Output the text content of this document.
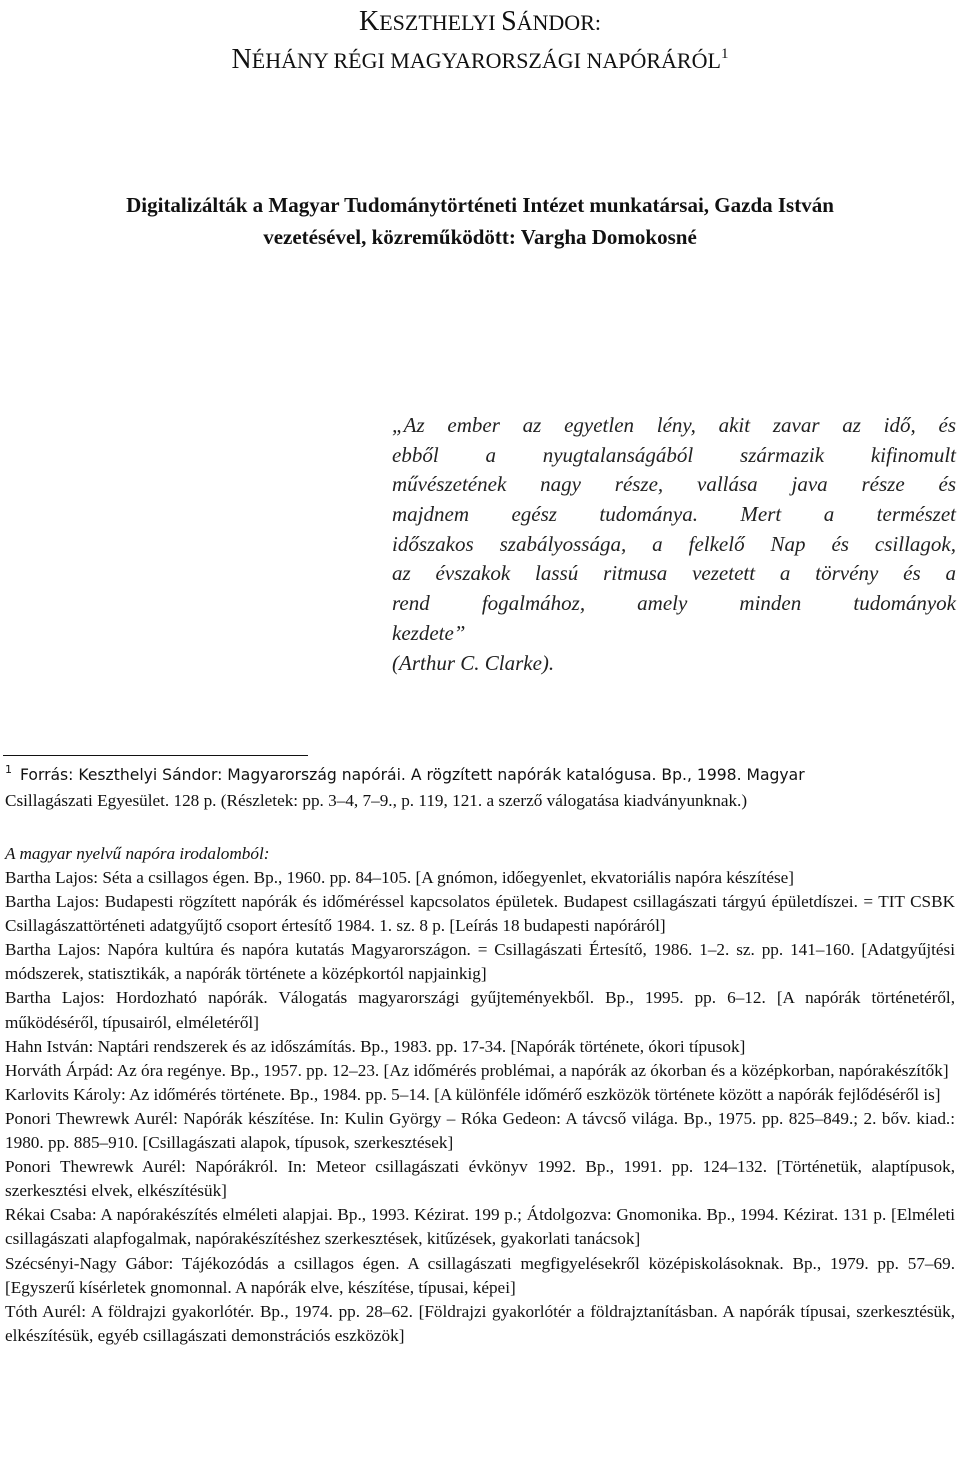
KESZTHELYI SÁNDOR:

NÉHÁNY RÉGI MAGYARORSZÁGI NAPÓRÁRÓL$^1$

Digitalizálták a Magyar Tudománytörténeti Intézet munkatársai, Gazda István
vezetésével, közreműködött: Vargha Domokosné
„Az ember az egyetlen lény, akit zavar az idő, és
ebből a nyugtalanságából származik kifinomult
művészetének nagy része, vallása java része és
majdnem egész tudománya. Mert a természet
időszakos szabályossága, a felkelő Nap és csillagok,
az évszakok lassú ritmusa vezetett a törvény és a
rend fogalmához, amely minden tudományok
kezdete”
(Arthur C. Clarke).
$^1$ Forrás: Keszthelyi Sándor: Magyarország napórái. A rögzített napórák katalógusa. Bp., 1998. Magyar
Csillagászati Egyesület. 128 p. (Részletek: pp. 3–4, 7–9., p. 119, 121. a szerző válogatása kiadványunknak.)
A magyar nyelvű napóra irodalomból:

Bartha Lajos: Séta a csillagos égen. Bp., 1960. pp. 84–105. [A gnómon, időegyenlet, ekvatoriális napóra készítése]

Bartha Lajos: Budapesti rögzített napórák és időméréssel kapcsolatos épületek. Budapest csillagászati tárgyú épületdíszei. = TIT CSBK Csillagászattörténeti adatgyűjtő csoport értesítő 1984. 1. sz. 8 p. [Leírás 18 budapesti napóráról]

Bartha Lajos: Napóra kultúra és napóra kutatás Magyarországon. = Csillagászati Értesítő, 1986. 1–2. sz. pp. 141–160. [Adatgyűjtési módszerek, statisztikák, a napórák története a középkortól napjainkig]

Bartha Lajos: Hordozható napórák. Válogatás magyarországi gyűjteményekből. Bp., 1995. pp. 6–12. [A napórák történetéről, működéséről, típusairól, elméletéről]

Hahn István: Naptári rendszerek és az időszámítás. Bp., 1983. pp. 17-34. [Napórák története, ókori típusok]

Horváth Árpád: Az óra regénye. Bp., 1957. pp. 12–23. [Az időmérés problémai, a napórák az ókorban és a középkorban, napórakészítők]

Karlovits Károly: Az időmérés története. Bp., 1984. pp. 5–14. [A különféle időmérő eszközök története között a napórák fejlődéséről is]

Ponori Thewrewk Aurél: Napórák készítése. In: Kulin György – Róka Gedeon: A távcső világa. Bp., 1975. pp. 825–849.; 2. bőv. kiad.: 1980. pp. 885–910. [Csillagászati alapok, típusok, szerkesztések]

Ponori Thewrewk Aurél: Napórákról. In: Meteor csillagászati évkönyv 1992. Bp., 1991. pp. 124–132. [Történetük, alaptípusok, szerkesztési elvek, elkészítésük]

Rékai Csaba: A napórakészítés elméleti alapjai. Bp., 1993. Kézirat. 199 p.; Átdolgozva: Gnomonika. Bp., 1994. Kézirat. 131 p. [Elméleti csillagászati alapfogalmak, napórakészítéshez szerkesztések, kitűzések, gyakorlati tanácsok]

Szécsényi-Nagy Gábor: Tájékozódás a csillagos égen. A csillagászati megfigyelésekről középiskolásoknak. Bp., 1979. pp. 57–69. [Egyszerű kísérletek gnomonnal. A napórák elve, készítése, típusai, képei]

Tóth Aurél: A földrajzi gyakorlótér. Bp., 1974. pp. 28–62. [Földrajzi gyakorlótér a földrajztanításban. A napórák típusai, szerkesztésük, elkészítésük, egyéb csillagászati demonstrációs eszközök]
